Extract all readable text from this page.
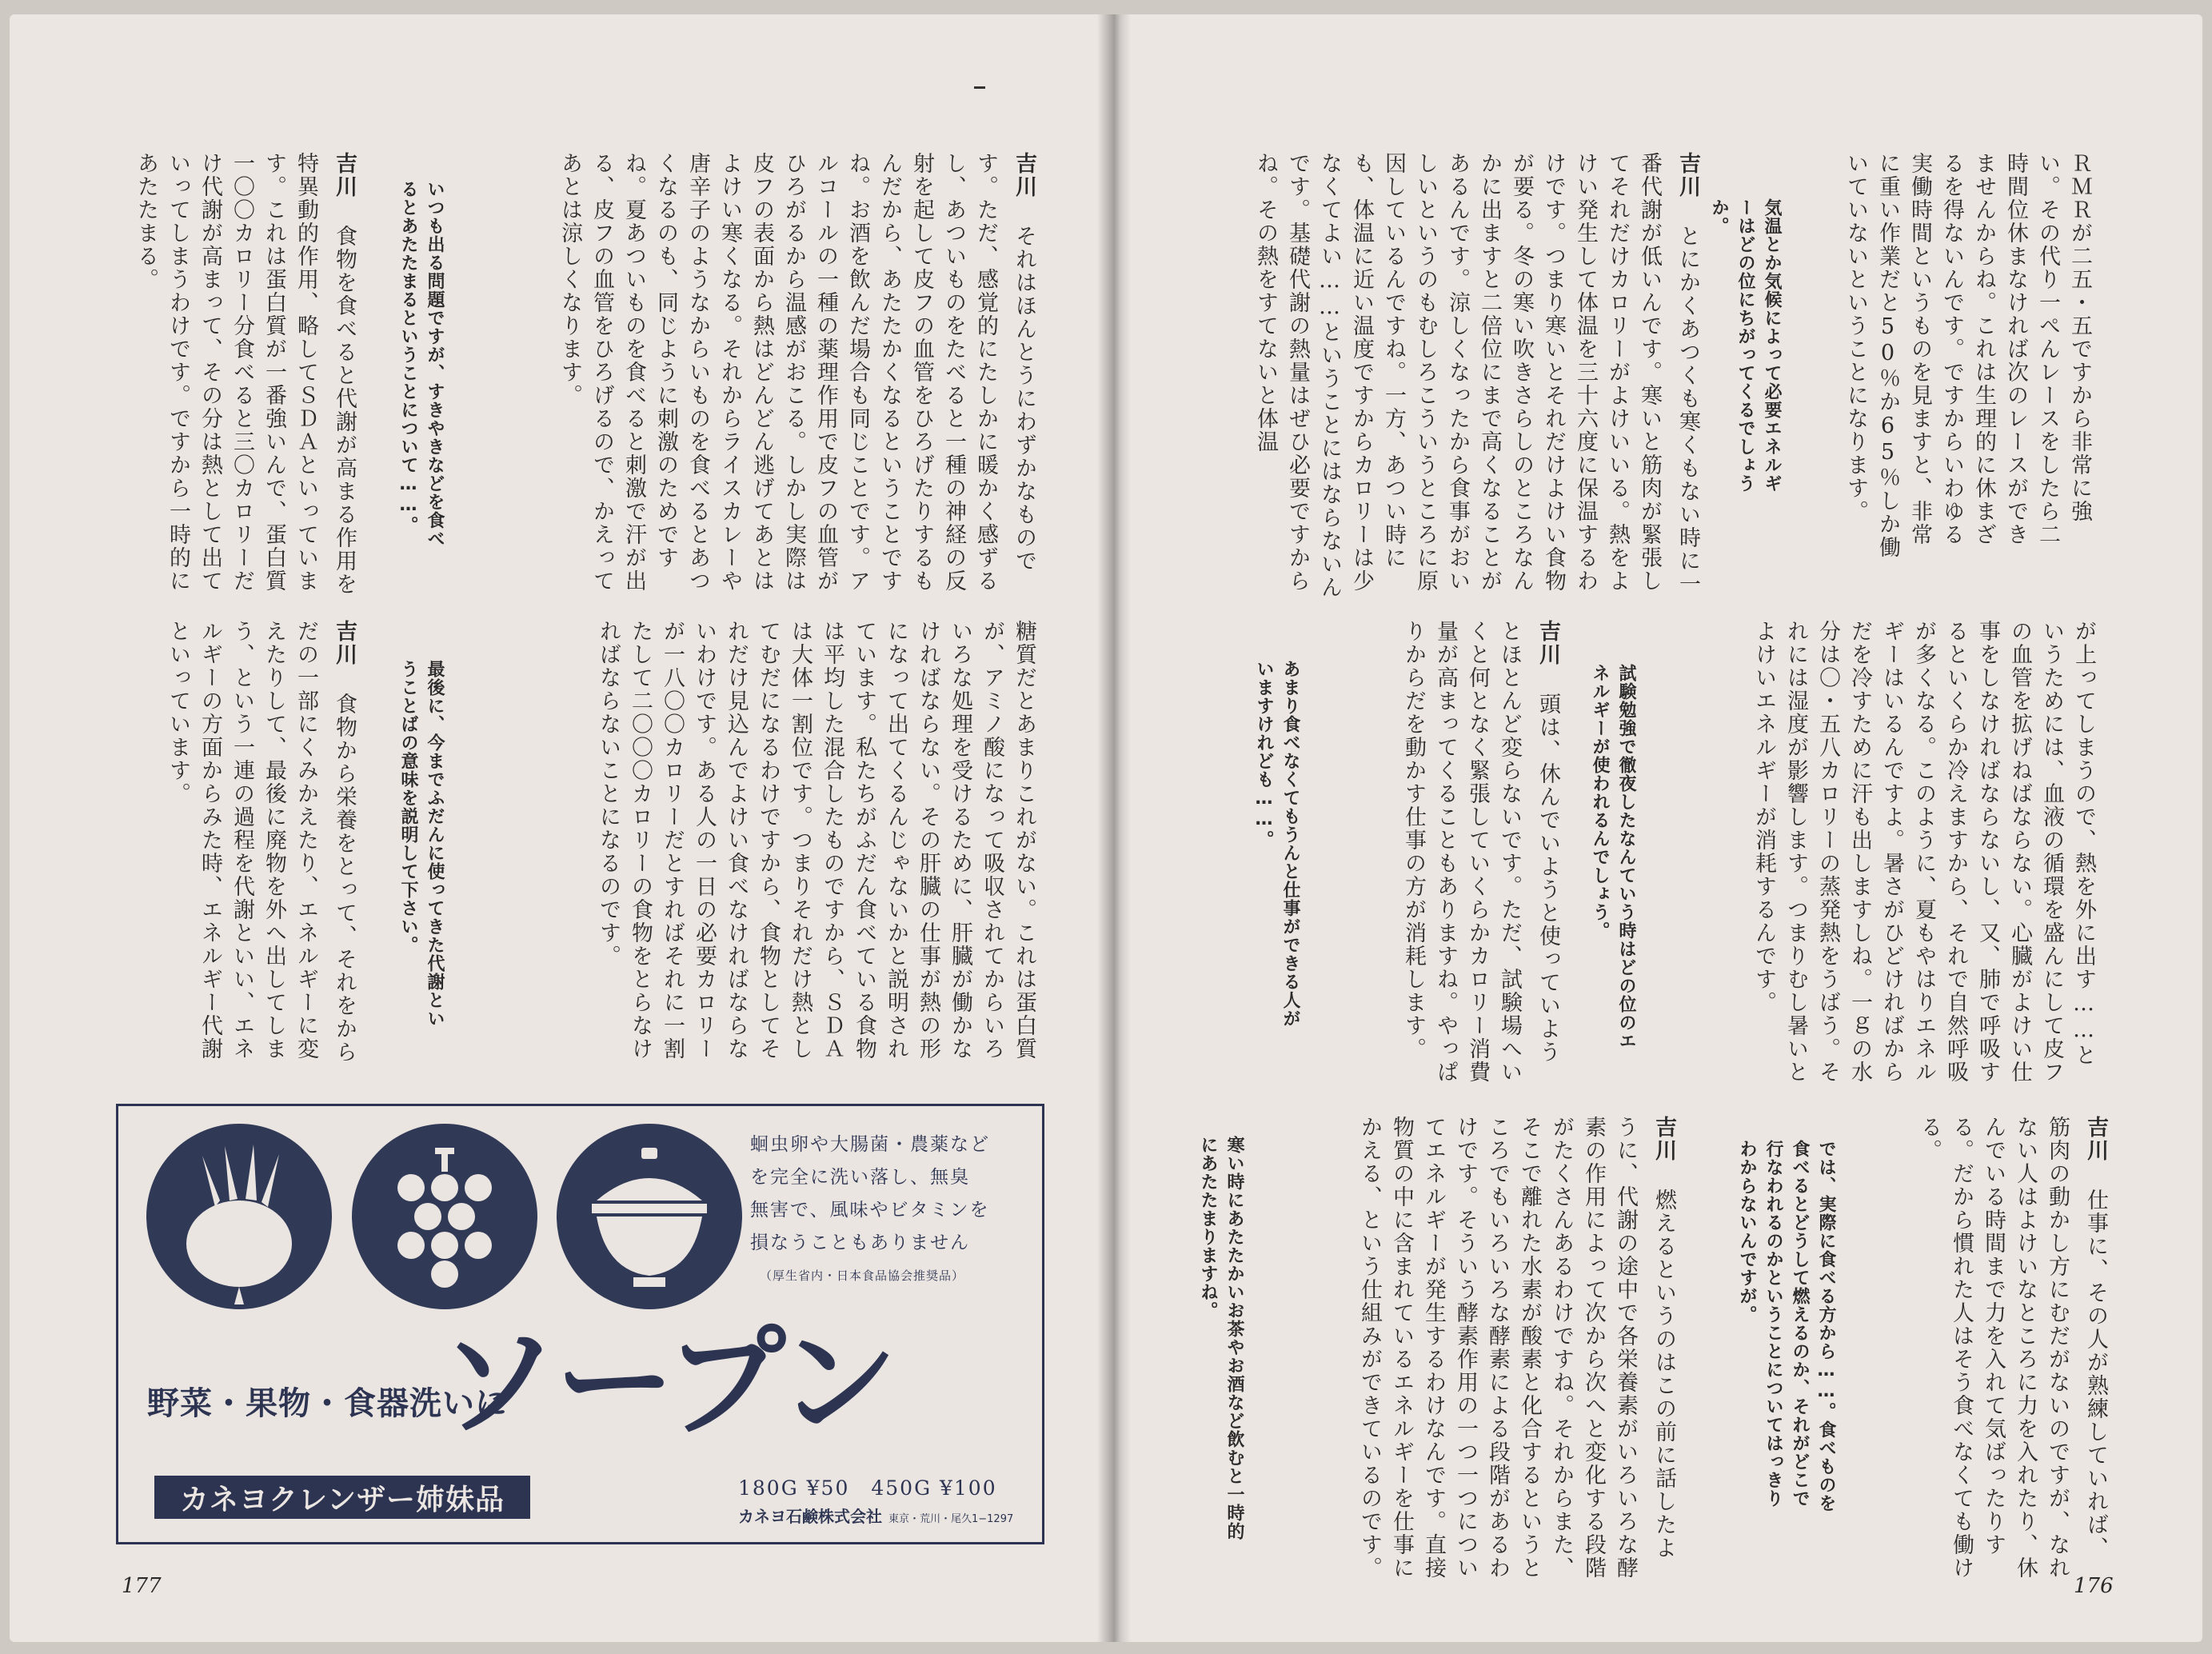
ＲＭＲが二五・五ですから非常に強い。その代り一ぺんレースをしたら二時間位休まなければ次のレースができませんからね。これは生理的に休まざるを得ないんです。ですからいわゆる実働時間というものを見ますと、非常に重い作業だと50％か65％しか働いていないということになります。
気温とか気候によって必要エネルギーはどの位にちがってくるでしょうか。
吉川 とにかくあつくも寒くもない時に一番代謝が低いんです。寒いと筋肉が緊張してそれだけカロリーがよけいいる。熱をよけい発生して体温を三十六度に保温するわけです。つまり寒いとそれだけよけい食物が要る。冬の寒い吹きさらしのところなんかに出ますと二倍位にまで高くなることがあるんです。涼しくなったから食事がおいしいというのもむしろこういうところに原因しているんですね。一方、あつい時にも、体温に近い温度ですからカロリーは少なくてよい……ということにはならないんです。基礎代謝の熱量はぜひ必要ですからね。その熱をすてないと体温
が上ってしまうので、熱を外に出す……というためには、血液の循環を盛んにして皮フの血管を拡げねばならない。心臓がよけい仕事をしなければならないし、又、肺で呼吸するといくらか冷えますから、それで自然呼吸が多くなる。このように、夏もやはりエネルギーはいるんですよ。暑さがひどければからだを冷すために汗も出しますしね。一ｇの水分は〇・五八カロリーの蒸発熱をうばう。それには湿度が影響します。つまりむし暑いとよけいエネルギーが消耗するんです。
試験勉強で徹夜したなんていう時はどの位のエネルギーが使われるんでしょう。
吉川 頭は、休んでいようと使っていようとほとんど変らないです。ただ、試験場へいくと何となく緊張していくらかカロリー消費量が高まってくることもありますね。やっぱりからだを動かす仕事の方が消耗します。
あまり食べなくてもうんと仕事ができる人がいますけれども……。
吉川 仕事に、その人が熟練していれば、筋肉の動かし方にむだがないのですが、なれない人はよけいなところに力を入れたり、休んでいる時間まで力を入れて気ばったりする。だから慣れた人はそう食べなくても働ける。
では、実際に食べる方から……。食べものを食べるとどうして燃えるのか、それがどこで行なわれるのかということについてはっきりわからないんですが。
吉川 燃えるというのはこの前に話したように、代謝の途中で各栄養素がいろいろな酵素の作用によって次から次へと変化する段階がたくさんあるわけですね。それからまた、そこで離れた水素が酸素と化合するというところでもいろいろな酵素による段階があるわけです。そういう酵素作用の一つ一つについてエネルギーが発生するわけなんです。直接物質の中に含まれているエネルギーを仕事にかえる、という仕組みができているのです。
寒い時にあたたかいお茶やお酒など飲むと一時的にあたたまりますね。
176
吉川 それはほんとうにわずかなものです。ただ、感覚的にたしかに暖かく感ずるし、あついものをたべると一種の神経の反射を起して皮フの血管をひろげたりするもんだから、あたたかくなるということですね。お酒を飲んだ場合も同じことです。アルコールの一種の薬理作用で皮フの血管がひろがるから温感がおこる。しかし実際は皮フの表面から熱はどんどん逃げてあとはよけい寒くなる。それからライスカレーや唐辛子のようなからいものを食べるとあつくなるのも、同じように刺激のためですね。夏あついものを食べると刺激で汗が出る、皮フの血管をひろげるので、かえってあとは涼しくなります。
いつも出る問題ですが、すきやきなどを食べるとあたたまるということについて……。
吉川 食物を食べると代謝が高まる作用を特異動的作用、略してＳＤＡといっています。これは蛋白質が一番強いんで、蛋白質一〇〇カロリー分食べると三〇カロリーだけ代謝が高まって、その分は熱として出ていってしまうわけです。ですから一時的にあたたまる。
糖質だとあまりこれがない。これは蛋白質が、アミノ酸になって吸収されてからいろいろな処理を受けるために、肝臓が働かなければならない。その肝臓の仕事が熱の形になって出てくるんじゃないかと説明されています。私たちがふだん食べている食物は平均した混合したものですから、ＳＤＡは大体一割位です。つまりそれだけ熱としてむだになるわけですから、食物としてそれだけ見込んでよけい食べなければならないわけです。ある人の一日の必要カロリーが一八〇〇カロリーだとすればそれに一割たして二〇〇〇カロリーの食物をとらなければならないことになるのです。
最後に、今までふだんに使ってきた代謝ということばの意味を説明して下さい。
吉川 食物から栄養をとって、それをからだの一部にくみかえたり、エネルギーに変えたりして、最後に廃物を外へ出してしまう、という一連の過程を代謝といい、エネルギーの方面からみた時、エネルギー代謝といっています。
蛔虫卵や大腸菌・農薬など
を完全に洗い落し、無臭
無害で、風味やビタミンを
損なうこともありません
（厚生省内・日本食品協会推奨品）
野菜・果物・食器洗いに
ソープン
180G ¥50　450G ¥100
カネヨ石鹸株式会社 東京・荒川・尾久1−1297
カネヨクレンザー姉妹品
177
